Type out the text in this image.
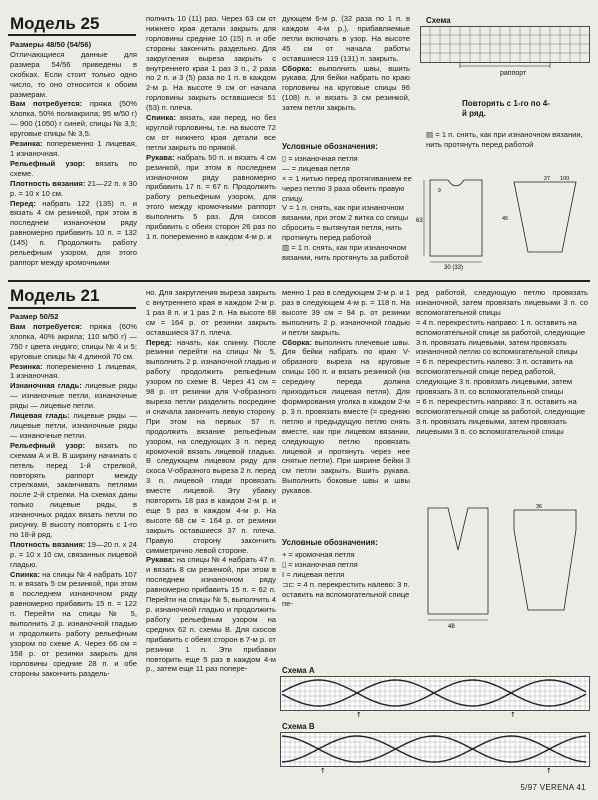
Модель 25

Размеры 48/50 (54/56)

Отличающиеся данные для размера 54/56 приведены в скобках. Если стоит только одно число, то оно относится к обоим размерам.

Вам потребуется: пряжа (50% хлопка, 50% полиакрила; 95 м/50 г) — 900 (1050) г синей; спицы № 3,5; круговые спицы № 3,5.

Резинка: попеременно 1 лицевая, 1 изнаночная.

Рельефный узор: вязать по схеме.

Плотность вязания: 21—22 п. х 30 р. = 10 х 10 см.

Перед: набрать 122 (135) п. и вязать 4 см резинкой, при этом в последнем изнаночном ряду равномерно прибавить 10 п. = 132 (145) п. Продолжить работу рельефным узором, для этого раппорт между кромочными

полнить 10 (11) раз. Через 63 см от нижнего края детали закрыть для горловины средние 10 (15) п. и обе стороны закончить раздельно. Для закругления выреза закрыть с внутреннего края 1 раз 3 п., 2 раза по 2 п. и 3 (5) раза по 1 п. в каждом 2-м р. На высоте 9 см от начала горловины закрыть оставшиеся 51 (53) п. плеча.

Спинка: вязать, как перед, но без круглой горловины, т.е. на высоте 72 см от нижнего края детали все петли закрыть по прямой.

Рукава: набрать 50 п. и вязать 4 см резинкой, при этом в последнем изнаночном ряду равномерно прибавить 17 п. = 67 п. Продолжить работу рельефным узором, для этого между кромочными раппорт выполнить 5 раз. Для скосов прибавить с обеих сторон 26 раз по 1 п. попеременно в каждом 4-м р. и

дующем 6-м р. (32 раза по 1 п. в каждом 4-м р.), прибавляемые петли включать в узор. На высоте 45 см от начала работы оставшиеся 119 (131) п. закрыть.

Сборка: выполнить швы, вшить рукава. Для бейки набрать по краю горловины на круговые спицы 96 (108) п. и вязать 3 см резинкой, затем петли закрыть.

Условные обозначения:

▯ = изнаночная петля

— = лицевая петля

× = 1 нитью перед протягиванием ее через петлю 3 раза обвить правую спицу.

V = 1 п. снять, как при изнаночном вязании, при этом 2 витка со спицы сбросить = вытянутая петля, нить протянуть перед работой

▥ = 1 п. снять, как при изнаночном вязании, нить протянуть за работой

Схема
раппорт
Повторять с 1-го по 4-й ряд.
▤ = 1 п. снять, как при изнаночном вязании, нить протянуть перед работой
30 (33)
63
9
27 100
45
Модель 21

Размер 50/52

Вам потребуется: пряжа (60% хлопка, 40% акрила; 110 м/50 г) — 750 г цвета индиго; спицы № 4 и 5; круговые спицы № 4 длиной 70 см.

Резинка: попеременно 1 лицевая, 1 изнаночная.

Изнаночная гладь: лицевые ряды — изнаночные петли, изнаночные ряды — лицевые петли.

Лицевая гладь: лицевые ряды — лицевые петли, изнаночные ряды — изнаночные петли.

Рельефный узор: вязать по схемам А и В. В ширину начинать с петель перед 1-й стрелкой, повторять раппорт между стрелками, заканчивать петлями после 2-й стрелки. На схемах даны только лицевые ряды, в изнаночных рядах вязать петли по рисунку. В высоту повторять с 1-го по 18-й ряд.

Плотность вязания: 19—20 п. х 24 р. = 10 х 10 см, связанных лицевой гладью.

Спинка: на спицы № 4 набрать 107 п. и вязать 5 см резинкой, при этом в последнем изнаночном ряду равномерно прибавить 15 п. = 122 п. Перейти на спицы № 5, выполнить 2 р. изнаночной гладью и продолжить работу рельефным узором по схеме А. Через 66 см = 158 р. от резинки закрыть для горловины средние 28 п. и обе стороны закончить раздель-

но. Для закругления выреза закрыть с внутреннего края в каждом 2-м р. 1 раз 8 п. и 1 раз 2 п. На высоте 68 см = 164 р. от резинки закрыть оставшиеся 37 п. плеча.

Перед: начать, как спинку. После резинки перейти на спицы № 5, выполнить 2 р. изнаночной гладью и работу продолжить рельефным узором по схеме В. Через 41 см = 98 р. от резинки для V-образного выреза петли разделить посредине и сначала закончить левую сторону. При этом на первых 57 п. продолжить вязание рельефным узором, на следующих 3 п. перед кромочной вязать лицевой гладью. В следующем лицевом ряду для скоса V-образного выреза 2 п. перед 3 п. лицевой глади провязать вместе лицевой. Эту убавку повторить 18 раз в каждом 2-м р. и еще 5 раз в каждом 4-м р. На высоте 68 см = 164 р. от резинки закрыть оставшиеся 37 п. плеча. Правую сторону закончить симметрично левой стороне.

Рукава: на спицы № 4 набрать 47 п. и вязать 8 см резинкой, при этом в последнем изнаночном ряду равномерно прибавить 15 п. = 62 п. Перейти на спицы № 5, выполнить 4 р. изнаночной гладью и продолжить работу рельефным узором на средних 62 п. схемы В. Для скосов прибавить с обеих сторон в 7-м р. от резинки 1 п. Эти прибавки повторить еще 5 раз в каждом 4-м р., затем еще 11 раз попере-

менно 1 раз в следующем 2-м р. и 1 раз в следующем 4-м р. = 118 п. На высоте 39 см = 94 р. от резинки выполнить 2 р. изнаночной гладью и петли закрыть.

Сборка: выполнить плечевые швы. Для бейки набрать по краю V-образного выреза на круговые спицы 160 п. и вязать резинкой (на середину переда должна приходиться лицевая петля). Для формирования уголка в каждом 2-м р. 3 п. провязать вместе (= средняю петлю и предыдущую петлю снять вместе, как при лицевом вязании, следующую петлю провязать лицевой и протянуть через нее снятые петли). При ширине бейки 3 см петли закрыть. Вшить рукава. Выполнить боковые швы и швы рукавов.

Условные обозначения:

+ = кромочная петля

▯ = изнаночная петля

I = лицевая петля

⊐⊏ = 4 п. перекрестить налево: 3 п. оставить на вспомогательной спице пе-

ред работой, следующую петлю провязать изнаночной, затем провязать лицевыми 3 п. со вспомогательной спицы

= 4 п. перекрестить направо: 1 п. оставить на вспомогательной спице за работой, следующие 3 п. провязать лицевыми, затем провязать изнаночной петлю со вспомогательной спицы

= 6 п. перекрестить налево: 3 п. оставить на вспомогательной спице перед работой, следующие 3 п. провязать лицевыми, затем провязать 3 п. со вспомогательной спицы

= 6 п. перекрестить направо: 3 п. оставить на вспомогательной спице за работой, следующие 3 п. провязать лицевыми, затем провязать лицевыми 3 п. со вспомогательной спицы

48
36
Схема А
↑	↑
Схема В
↑	↑
5/97 VERENA 41
